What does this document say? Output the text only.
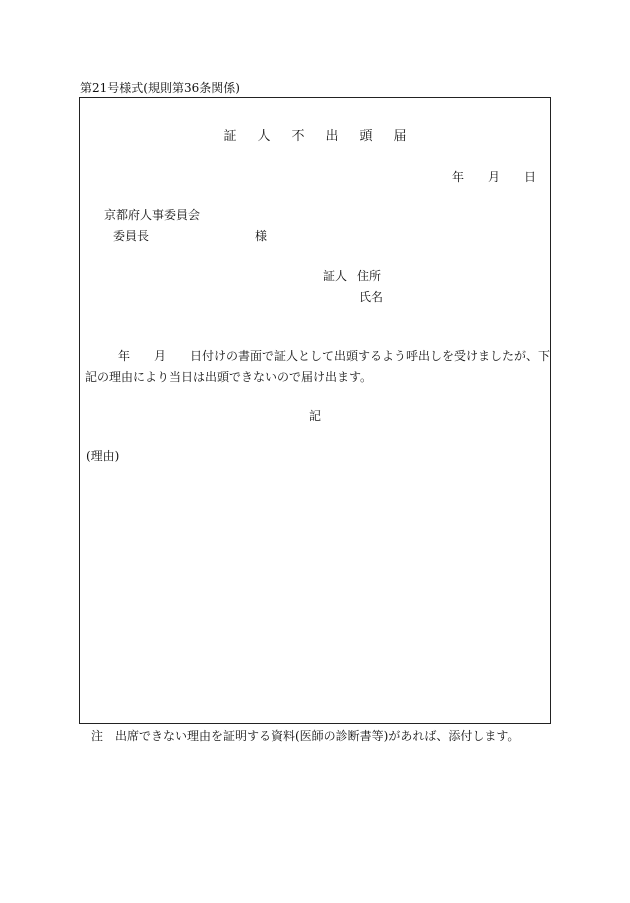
第21号様式(規則第36条関係)
証 人 不 出 頭 届
年 月 日
京都府人事委員会
委員長	様
証人 住所
氏名
年 月 日付けの書面で証人として出頭するよう呼出しを受けましたが、下
記の理由により当日は出頭できないので届け出ます。
記
(理由)
注　出席できない理由を証明する資料(医師の診断書等)があれば、添付します。
